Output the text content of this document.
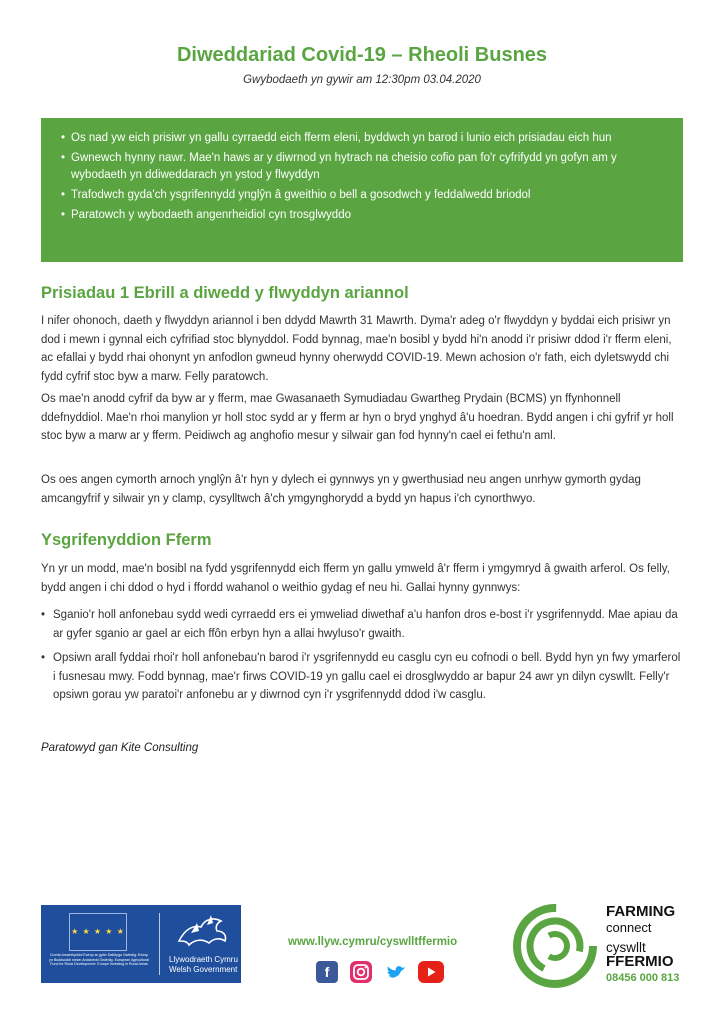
Diweddariad Covid-19 – Rheoli Busnes
Gwybodaeth yn gywir am 12:30pm 03.04.2020
• Os nad yw eich prisiwr yn gallu cyrraedd eich fferm eleni, byddwch yn barod i lunio eich prisiadau eich hun
• Gwnewch hynny nawr. Mae'n haws ar y diwrnod yn hytrach na cheisio cofio pan fo'r cyfrifydd yn gofyn am y wybodaeth yn ddiweddarach yn ystod y flwyddyn
• Trafodwch gyda'ch ysgrifennydd ynglŷn â gweithio o bell a gosodwch y feddalwedd briodol
• Paratowch y wybodaeth angenrheidiol cyn trosglwyddo
Prisiadau 1 Ebrill a diwedd y flwyddyn ariannol

I nifer ohonoch, daeth y flwyddyn ariannol i ben ddydd Mawrth 31 Mawrth. Dyma'r adeg o'r flwyddyn y byddai eich prisiwr yn dod i mewn i gynnal eich cyfrifiad stoc blynyddol. Fodd bynnag, mae'n bosibl y bydd hi'n anodd i'r prisiwr ddod i'r fferm eleni, ac efallai y bydd rhai ohonynt yn anfodlon gwneud hynny oherwydd COVID-19. Mewn achosion o'r fath, eich dyletswydd chi fydd cyfrif stoc byw a marw. Felly paratowch.

Os mae'n anodd cyfrif da byw ar y fferm, mae Gwasanaeth Symudiadau Gwartheg Prydain (BCMS) yn ffynhonnell ddefnyddiol. Mae'n rhoi manylion yr holl stoc sydd ar y fferm ar hyn o bryd ynghyd â'u hoedran. Bydd angen i chi gyfrif yr holl stoc byw a marw ar y fferm. Peidiwch ag anghofio mesur y silwair gan fod hynny'n cael ei fethu'n aml.

Os oes angen cymorth arnoch ynglŷn â'r hyn y dylech ei gynnwys yn y gwerthusiad neu angen unrhyw gymorth gydag amcangyfrif y silwair yn y clamp, cysylltwch â'ch ymgynghorydd a bydd yn hapus i'ch cynorthwyo.

Ysgrifenyddion Fferm

Yn yr un modd, mae'n bosibl na fydd ysgrifennydd eich fferm yn gallu ymweld â'r fferm i ymgymryd â gwaith arferol. Os felly, bydd angen i chi ddod o hyd i ffordd wahanol o weithio gydag ef neu hi. Gallai hynny gynnwys:

• Sganio'r holl anfonebau sydd wedi cyrraedd ers ei ymweliad diwethaf a'u hanfon dros e-bost i'r ysgrifennydd. Mae apiau da ar gyfer sganio ar gael ar eich ffôn erbyn hyn a allai hwyluso'r gwaith.
• Opsiwn arall fyddai rhoi'r holl anfonebau'n barod i'r ysgrifennydd eu casglu cyn eu cofnodi o bell. Bydd hyn yn fwy ymarferol i fusnesau mwy. Fodd bynnag, mae'r firws COVID-19 yn gallu cael ei drosglwyddo ar bapur 24 awr yn dilyn cyswllt. Felly'r opsiwn gorau yw paratoi'r anfonebu ar y diwrnod cyn i'r ysgrifennydd ddod i'w casglu.
Paratowyd gan Kite Consulting
★ ★ ★ ★ ★
Cronfa Amaethyddol Ewrop ar gyfer Datblygu Gwledig: Ewrop yn Buddsoddi mewn Ardaloedd Gwledig. European Agricultural Fund for Rural Development: Europe Investing in Rural Areas
Llywodraeth Cymru
Welsh Government
www.llyw.cymru/cyswlltffermio
f
FARMING
connect
cyswllt
FFERMIO
08456 000 813
